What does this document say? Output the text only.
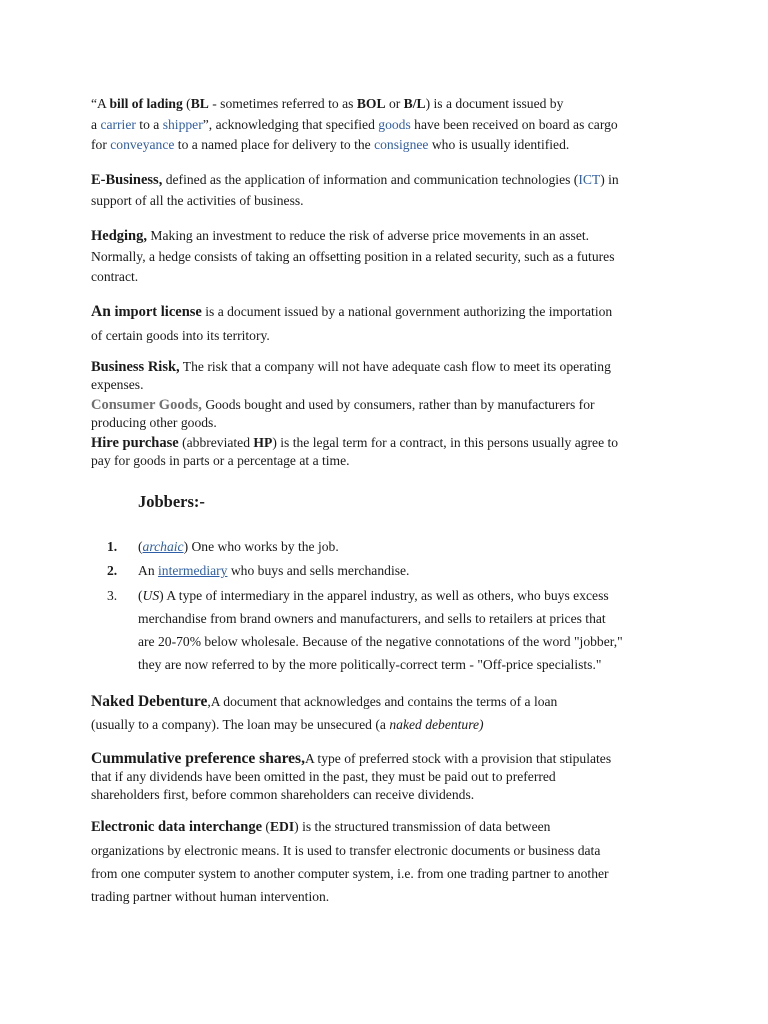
“A bill of lading (BL - sometimes referred to as BOL or B/L) is a document issued by
a carrier to a shipper”, acknowledging that specified goods have been received on board as cargo
for conveyance to a named place for delivery to the consignee who is usually identified.

E-Business, defined as the application of information and communication technologies (ICT) in
support of all the activities of business.

Hedging, Making an investment to reduce the risk of adverse price movements in an asset.
Normally, a hedge consists of taking an offsetting position in a related security, such as a futures
contract.

An import license is a document issued by a national government authorizing the importation
of certain goods into its territory.

Business Risk, The risk that a company will not have adequate cash flow to meet its operating
expenses.

Consumer Goods, Goods bought and used by consumers, rather than by manufacturers for
producing other goods.

Hire purchase (abbreviated HP) is the legal term for a contract, in this persons usually agree to
pay for goods in parts or a percentage at a time.

Jobbers:-

1.	(archaic) One who works by the job.
2.	An intermediary who buys and sells merchandise.
3.	(US) A type of intermediary in the apparel industry, as well as others, who buys excess
merchandise from brand owners and manufacturers, and sells to retailers at prices that
are 20-70% below wholesale. Because of the negative connotations of the word "jobber,"
they are now referred to by the more politically-correct term - "Off-price specialists."

Naked Debenture,A document that acknowledges and contains the terms of a loan
(usually to a company). The loan may be unsecured (a naked debenture)

Cummulative preference shares,A type of preferred stock with a provision that stipulates
that if any dividends have been omitted in the past, they must be paid out to preferred
shareholders first, before common shareholders can receive dividends.

Electronic data interchange (EDI) is the structured transmission of data between
organizations by electronic means. It is used to transfer electronic documents or business data
from one computer system to another computer system, i.e. from one trading partner to another
trading partner without human intervention.
